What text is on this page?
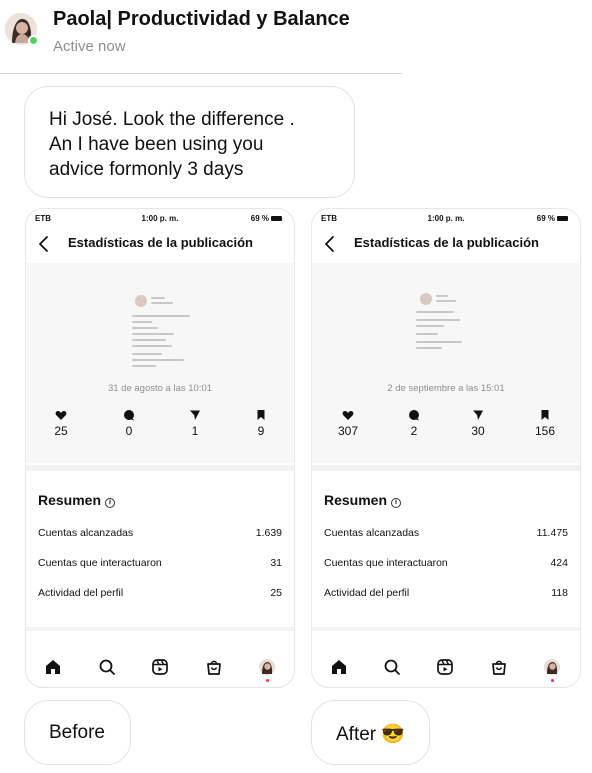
Paola| Productividad y Balance
Active now
Hi José. Look the difference .
An I have been using you
advice formonly 3 days
ETB	1:00 p. m.	69 %
Estadísticas de la publicación
31 de agosto a las 10:01
25	0	1	9
Resumen i
Cuentas alcanzadas	1.639
Cuentas que interactuaron	31
Actividad del perfil	25
ETB	1:00 p. m.	69 %
Estadísticas de la publicación
2 de septiembre a las 15:01
307	2	30	156
Resumen i
Cuentas alcanzadas	11.475
Cuentas que interactuaron	424
Actividad del perfil	118
Before	After 😎
